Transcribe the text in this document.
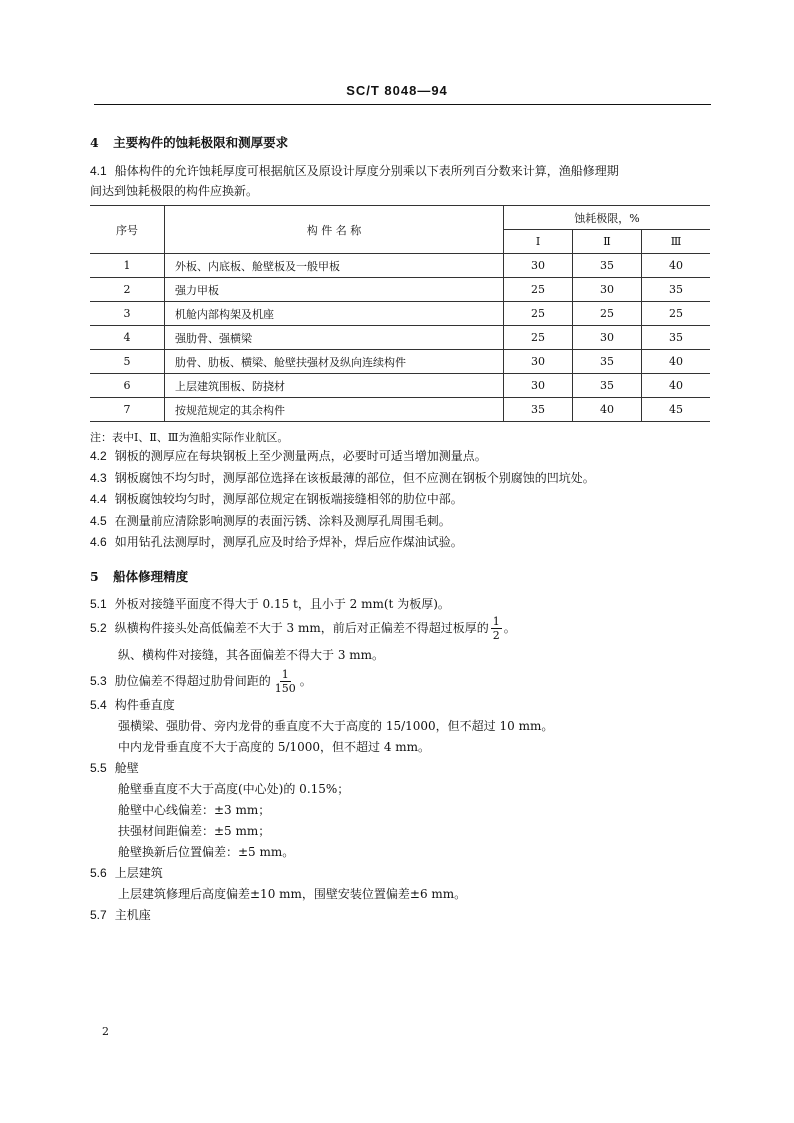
SC/T 8048—94
4 主要构件的蚀耗极限和测厚要求
4.1 船体构件的允许蚀耗厚度可根据航区及原设计厚度分别乘以下表所列百分数来计算，渔船修理期
间达到蚀耗极限的构件应换新。
序号	构 件 名 称	蚀耗极限，%		
		Ⅰ	Ⅱ	Ⅲ
1	外板、内底板、舱壁板及一般甲板	30	35	40
2	强力甲板	25	30	35
3	机舱内部构架及机座	25	25	25
4	强肋骨、强横梁	25	30	35
5	肋骨、肋板、横梁、舱壁扶强材及纵向连续构件	30	35	40
6	上层建筑围板、防挠材	30	35	40
7	按规范规定的其余构件	35	40	45
注：表中Ⅰ、Ⅱ、Ⅲ为渔船实际作业航区。
4.2 钢板的测厚应在每块钢板上至少测量两点，必要时可适当增加测量点。
4.3 钢板腐蚀不均匀时，测厚部位选择在该板最薄的部位，但不应测在钢板个别腐蚀的凹坑处。
4.4 钢板腐蚀较均匀时，测厚部位规定在钢板端接缝相邻的肋位中部。
4.5 在测量前应清除影响测厚的表面污锈、涂料及测厚孔周围毛刺。
4.6 如用钻孔法测厚时，测厚孔应及时给予焊补，焊后应作煤油试验。
5 船体修理精度
5.1 外板对接缝平面度不得大于 0.15 t，且小于 2 mm(t 为板厚)。
5.2 纵横构件接头处高低偏差不大于 3 mm，前后对正偏差不得超过板厚的 $\frac{1}{2}$ 。
纵、横构件对接缝，其各面偏差不得大于 3 mm。
5.3 肋位偏差不得超过肋骨间距的 $\frac{1}{150}$ 。
5.4 构件垂直度
强横梁、强肋骨、旁内龙骨的垂直度不大于高度的 15/1000，但不超过 10 mm。
中内龙骨垂直度不大于高度的 5/1000，但不超过 4 mm。
5.5 舱壁
舱壁垂直度不大于高度(中心处)的 0.15%；
舱壁中心线偏差：±3 mm；
扶强材间距偏差：±5 mm；
舱壁换新后位置偏差：±5 mm。
5.6 上层建筑
上层建筑修理后高度偏差±10 mm，围壁安装位置偏差±6 mm。
5.7 主机座
2
